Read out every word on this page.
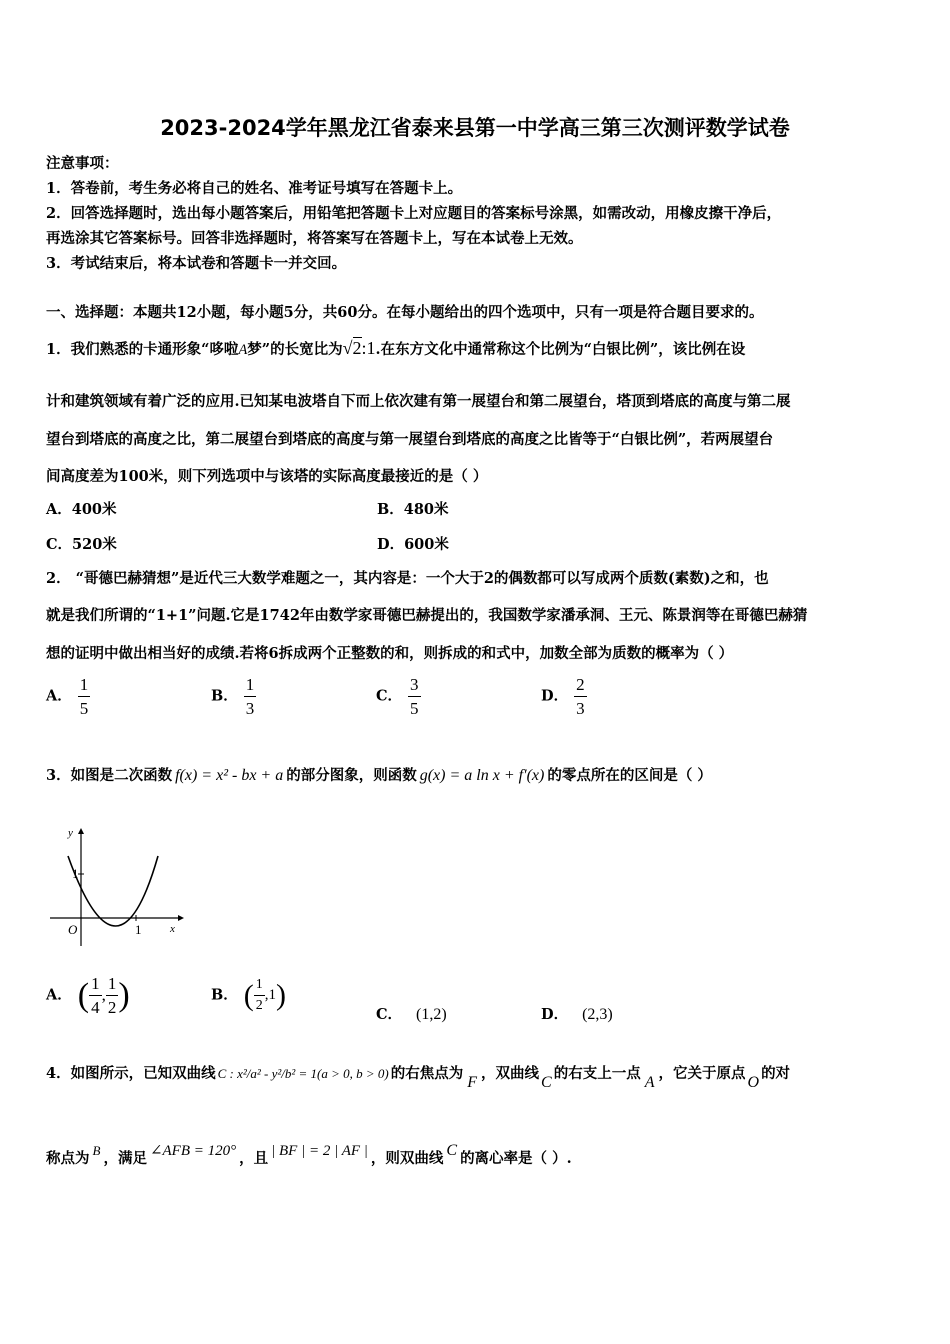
2023-2024学年黑龙江省泰来县第一中学高三第三次测评数学试卷
注意事项：
1．答卷前，考生务必将自己的姓名、准考证号填写在答题卡上。
2．回答选择题时，选出每小题答案后，用铅笔把答题卡上对应题目的答案标号涂黑，如需改动，用橡皮擦干净后，
再选涂其它答案标号。回答非选择题时，将答案写在答题卡上，写在本试卷上无效。
3．考试结束后，将本试卷和答题卡一并交回。
一、选择题：本题共12小题，每小题5分，共60分。在每小题给出的四个选项中，只有一项是符合题目要求的。
1．我们熟悉的卡通形象“哆啦A梦”的长宽比为√2:1.在东方文化中通常称这个比例为“白银比例”，该比例在设
计和建筑领域有着广泛的应用.已知某电波塔自下而上依次建有第一展望台和第二展望台，塔顶到塔底的高度与第二展
望台到塔底的高度之比，第二展望台到塔底的高度与第一展望台到塔底的高度之比皆等于“白银比例”，若两展望台
间高度差为100米，则下列选项中与该塔的实际高度最接近的是（ ）
A．400米	B．480米
C．520米	D．600米
2． “哥德巴赫猜想”是近代三大数学难题之一，其内容是：一个大于2的偶数都可以写成两个质数(素数)之和，也
就是我们所谓的“1+1”问题.它是1742年由数学家哥德巴赫提出的，我国数学家潘承洞、王元、陈景润等在哥德巴赫猜
想的证明中做出相当好的成绩.若将6拆成两个正整数的和，则拆成的和式中，加数全部为质数的概率为（ ）
A． $\frac{1}{5}$	B． $\frac{1}{3}$	C． $\frac{3}{5}$	D． $\frac{2}{3}$
3．如图是二次函数 f(x) = x² - bx + a 的部分图象，则函数 g(x) = a ln x + f′(x) 的零点所在的区间是（ ）
y
1
O	1	x
A． ( $\frac{1}{4}$ , $\frac{1}{2}$ )	B． ( $\frac{1}{2} ,1$)
C． (1,2)	D． (2,3)
4．如图所示，已知双曲线 C : x²/a² - y²/b² = 1(a > 0, b > 0) 的右焦点为F，双曲线C的右支上一点A，它关于原点O的对
称点为 B ，满足 ∠AFB = 120° ，且 | BF | = 2 | AF | ，则双曲线 C 的离心率是（ ）.
